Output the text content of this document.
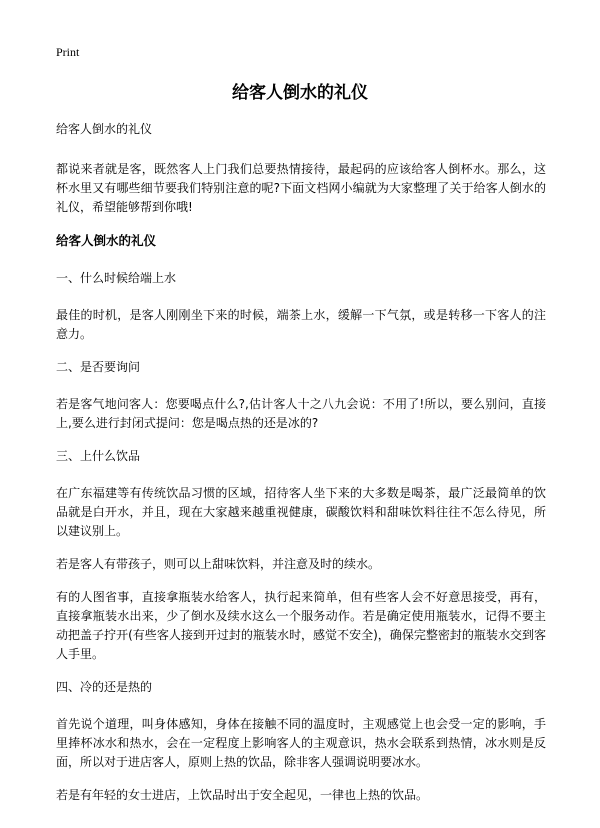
Print
给客人倒水的礼仪

给客人倒水的礼仪

都说来者就是客，既然客人上门我们总要热情接待，最起码的应该给客人倒杯水。那么，这杯水里又有哪些细节要我们特别注意的呢?下面文档网小编就为大家整理了关于给客人倒水的礼仪，希望能够帮到你哦!

给客人倒水的礼仪

一、什么时候给端上水

最佳的时机，是客人刚刚坐下来的时候，端茶上水，缓解一下气氛，或是转移一下客人的注意力。

二、是否要询问

若是客气地问客人：您要喝点什么?,估计客人十之八九会说：不用了!所以，要么别问，直接上,要么进行封闭式提问：您是喝点热的还是冰的?

三、上什么饮品

在广东福建等有传统饮品习惯的区域，招待客人坐下来的大多数是喝茶，最广泛最简单的饮品就是白开水，并且，现在大家越来越重视健康，碳酸饮料和甜味饮料往往不怎么待见，所以建议别上。

若是客人有带孩子，则可以上甜味饮料，并注意及时的续水。

有的人图省事，直接拿瓶装水给客人，执行起来简单，但有些客人会不好意思接受，再有，直接拿瓶装水出来，少了倒水及续水这么一个服务动作。若是确定使用瓶装水，记得不要主动把盖子拧开(有些客人接到开过封的瓶装水时，感觉不安全)，确保完整密封的瓶装水交到客人手里。

四、冷的还是热的

首先说个道理，叫身体感知，身体在接触不同的温度时，主观感觉上也会受一定的影响，手里捧杯冰水和热水，会在一定程度上影响客人的主观意识，热水会联系到热情，冰水则是反面，所以对于进店客人，原则上热的饮品，除非客人强调说明要冰水。

若是有年轻的女士进店，上饮品时出于安全起见，一律也上热的饮品。
